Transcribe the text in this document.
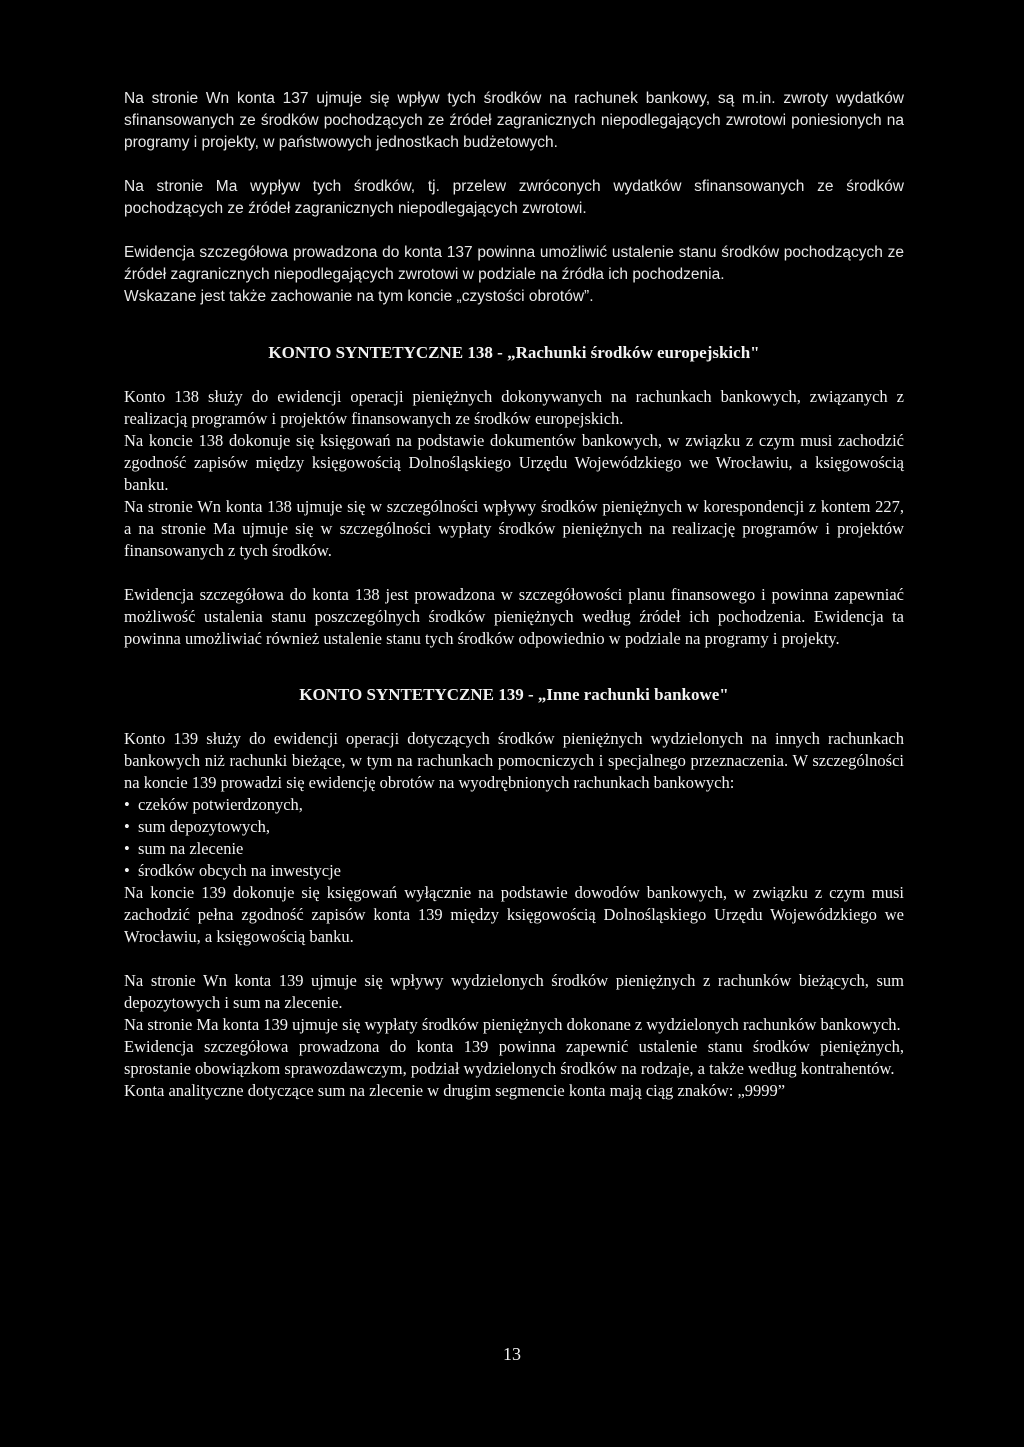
Na stronie Wn konta 137 ujmuje się wpływ tych środków na rachunek bankowy, są m.in. zwroty wydatków sfinansowanych ze środków pochodzących ze źródeł zagranicznych niepodlegających zwrotowi poniesionych na programy i projekty, w państwowych jednostkach budżetowych.

Na stronie Ma wypływ tych środków, tj. przelew zwróconych wydatków sfinansowanych ze środków pochodzących ze źródeł zagranicznych niepodlegających zwrotowi.

Ewidencja szczegółowa prowadzona do konta 137 powinna umożliwić ustalenie stanu środków pochodzących ze źródeł zagranicznych niepodlegających zwrotowi w podziale na źródła ich pochodzenia.

Wskazane jest także zachowanie na tym koncie „czystości obrotów”.

KONTO SYNTETYCZNE 138 - „Rachunki środków europejskich"

Konto 138 służy do ewidencji operacji pieniężnych dokonywanych na rachunkach bankowych, związanych z realizacją programów i projektów finansowanych ze środków europejskich.

Na koncie 138 dokonuje się księgowań na podstawie dokumentów bankowych, w związku z czym musi zachodzić zgodność zapisów między księgowością Dolnośląskiego Urzędu Wojewódzkiego we Wrocławiu, a księgowością banku.

Na stronie Wn konta 138 ujmuje się w szczególności wpływy środków pieniężnych w korespondencji z kontem 227, a na stronie Ma ujmuje się w szczególności wypłaty środków pieniężnych na realizację programów i projektów finansowanych z tych środków.

Ewidencja szczegółowa do konta 138 jest prowadzona w szczegółowości planu finansowego i powinna zapewniać możliwość ustalenia stanu poszczególnych środków pieniężnych według źródeł ich pochodzenia. Ewidencja ta powinna umożliwiać również ustalenie stanu tych środków odpowiednio w podziale na programy i projekty.

KONTO SYNTETYCZNE 139 - „Inne rachunki bankowe"

Konto 139 służy do ewidencji operacji dotyczących środków pieniężnych wydzielonych na innych rachunkach bankowych niż rachunki bieżące, w tym na rachunkach pomocniczych i specjalnego przeznaczenia. W szczególności na koncie 139 prowadzi się ewidencję obrotów na wyodrębnionych rachunkach bankowych:

• czeków potwierdzonych,
• sum depozytowych,
• sum na zlecenie
• środków obcych na inwestycje

Na koncie 139 dokonuje się księgowań wyłącznie na podstawie dowodów bankowych, w związku z czym musi zachodzić pełna zgodność zapisów konta 139 między księgowością Dolnośląskiego Urzędu Wojewódzkiego we Wrocławiu, a księgowością banku.

Na stronie Wn konta 139 ujmuje się wpływy wydzielonych środków pieniężnych z rachunków bieżących, sum depozytowych i sum na zlecenie.

Na stronie Ma konta 139 ujmuje się wypłaty środków pieniężnych dokonane z wydzielonych rachunków bankowych.

Ewidencja szczegółowa prowadzona do konta 139 powinna zapewnić ustalenie stanu środków pieniężnych, sprostanie obowiązkom sprawozdawczym, podział wydzielonych środków na rodzaje, a także według kontrahentów.

Konta analityczne dotyczące sum na zlecenie w drugim segmencie konta mają ciąg znaków: „9999”

13
